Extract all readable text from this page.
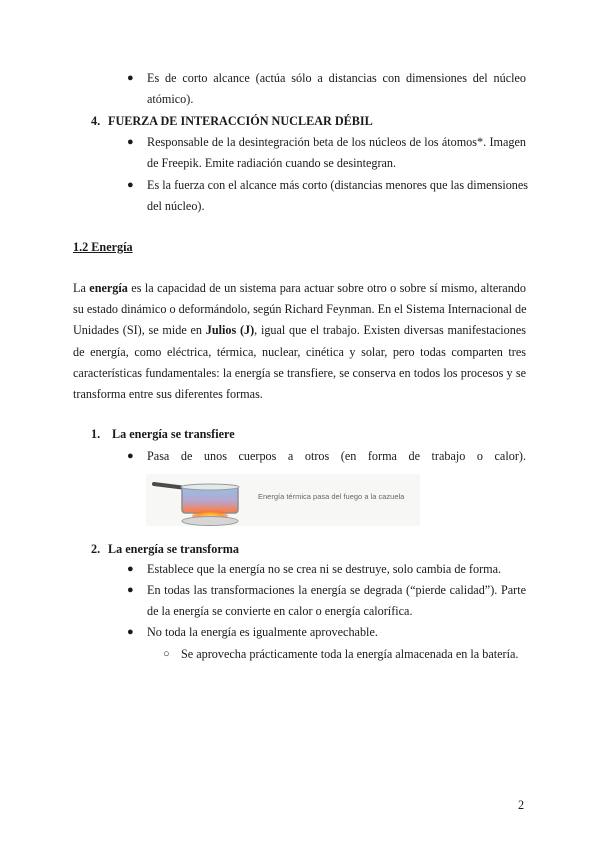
● Es de corto alcance (actúa sólo a distancias con dimensiones del núcleo
atómico).
4. FUERZA DE INTERACCIÓN NUCLEAR DÉBIL
● Responsable de la desintegración beta de los núcleos de los átomos*. Imagen
de Freepik. Emite radiación cuando se desintegran.
● Es la fuerza con el alcance más corto (distancias menores que las dimensiones
del núcleo).
1.2 Energía
La energía es la capacidad de un sistema para actuar sobre otro o sobre sí mismo, alterando
su estado dinámico o deformándolo, según Richard Feynman. En el Sistema Internacional de
Unidades (SI), se mide en Julios (J), igual que el trabajo. Existen diversas manifestaciones
de energía, como eléctrica, térmica, nuclear, cinética y solar, pero todas comparten tres
características fundamentales: la energía se transfiere, se conserva en todos los procesos y se
transforma entre sus diferentes formas.
1. La energía se transfiere
● Pasa de unos cuerpos a otros (en forma de trabajo o calor).
Energía térmica pasa del fuego a la cazuela
2. La energía se transforma
● Establece que la energía no se crea ni se destruye, solo cambia de forma.
● En todas las transformaciones la energía se degrada (“pierde calidad”). Parte
de la energía se convierte en calor o energía calorífica.
● No toda la energía es igualmente aprovechable.
○ Se aprovecha prácticamente toda la energía almacenada en la batería.
2
